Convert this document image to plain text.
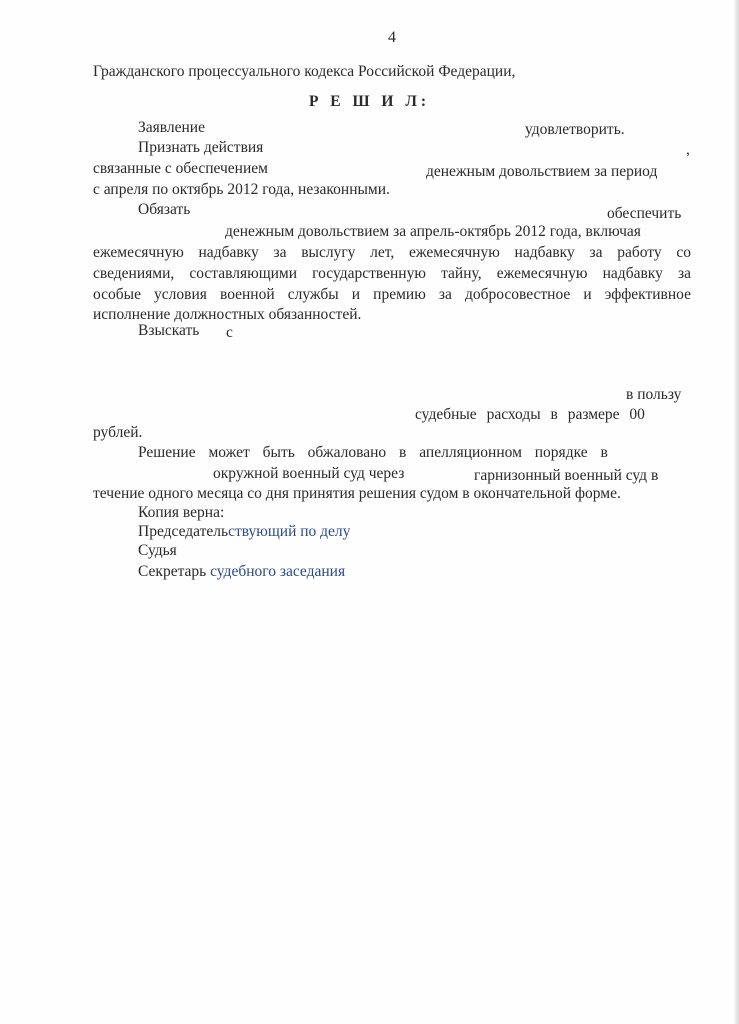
4
Гражданского процессуального кодекса Российской Федерации,
Р Е Ш И Л:
Заявление	удовлетворить.
Признать действия	,
связанные с обеспечением	денежным довольствием за период
с апреля по октябрь 2012 года, незаконными.
Обязать	обеспечить
денежным довольствием за апрель-октябрь 2012 года, включая
ежемесячную надбавку за выслугу лет, ежемесячную надбавку за работу со
сведениями, составляющими государственную тайну, ежемесячную надбавку за
особые условия военной службы и премию за добросовестное и эффективное
исполнение должностных обязанностей.
Взыскать с
в пользу
судебные расходы в размере 00
рублей.
Решение может быть обжаловано в апелляционном порядке в
окружной военный суд через	гарнизонный военный суд в
течение одного месяца со дня принятия решения судом в окончательной форме.
Копия верна:
Председательствующий по делу
Судья
Секретарь судебного заседания
